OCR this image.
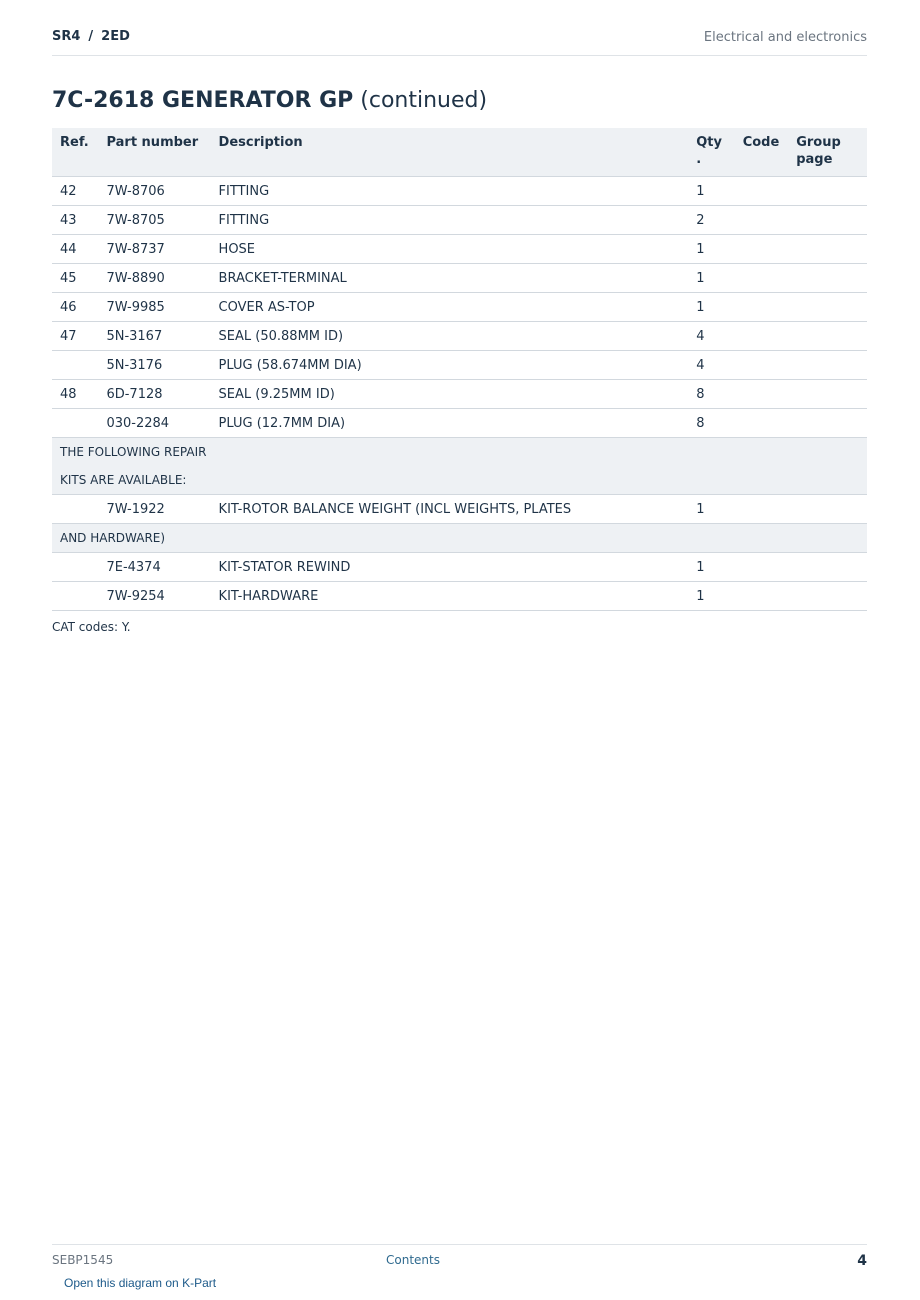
SR4 / 2ED	Electrical and electronics
7C-2618 GENERATOR GP (continued)
Ref.	Part number	Description	Qty .	Code	Group page
42	7W-8706	FITTING	1		
43	7W-8705	FITTING	2		
44	7W-8737	HOSE	1		
45	7W-8890	BRACKET-TERMINAL	1		
46	7W-9985	COVER AS-TOP	1		
47	5N-3167	SEAL (50.88MM ID)	4		
	5N-3176	PLUG (58.674MM DIA)	4		
48	6D-7128	SEAL (9.25MM ID)	8		
	030-2284	PLUG (12.7MM DIA)	8		

THE FOLLOWING REPAIR
KITS ARE AVAILABLE:					

	7W-1922	KIT-ROTOR BALANCE WEIGHT (INCL WEIGHTS, PLATES	1		

AND HARDWARE)					

	7E-4374	KIT-STATOR REWIND	1		
	7W-9254	KIT-HARDWARE	1		
CAT codes: Y.
SEBP1545	Contents	4
Open this diagram on K-Part
